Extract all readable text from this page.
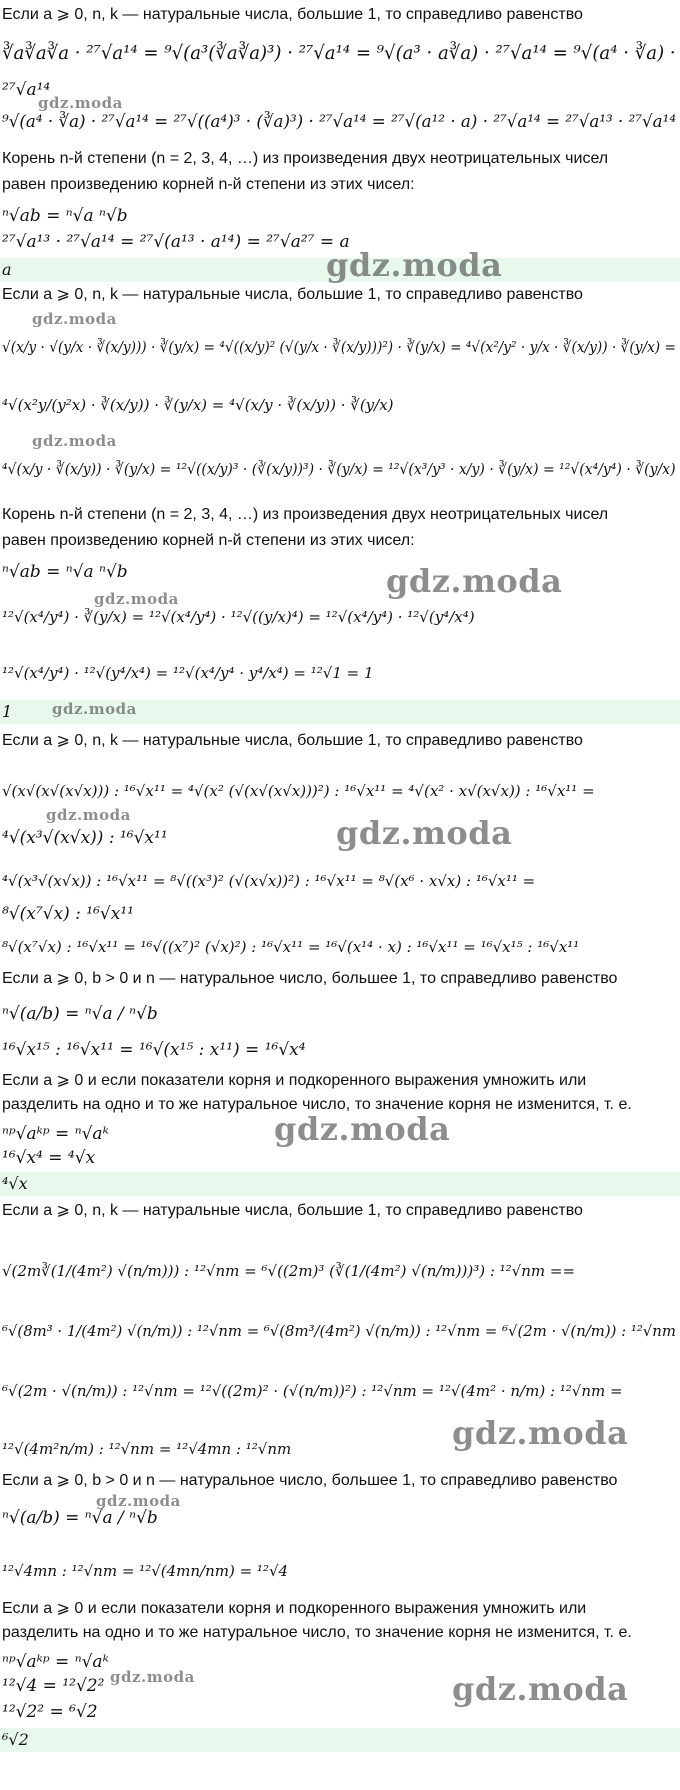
Если a ⩾ 0, n, k — натуральные числа, большие 1, то справедливо равенство
∛a∛a∛a · ²⁷√a¹⁴ = ⁹√(a³(∛a∛a)³) · ²⁷√a¹⁴ = ⁹√(a³ · a∛a) · ²⁷√a¹⁴ = ⁹√(a⁴ · ∛a) ·
²⁷√a¹⁴
⁹√(a⁴ · ∛a) · ²⁷√a¹⁴ = ²⁷√((a⁴)³ · (∛a)³) · ²⁷√a¹⁴ = ²⁷√(a¹² · a) · ²⁷√a¹⁴ = ²⁷√a¹³ · ²⁷√a¹⁴
Корень n-й степени (n = 2, 3, 4, …) из произведения двух неотрицательных чисел
равен произведению корней n-й степени из этих чисел:
ⁿ√ab = ⁿ√a ⁿ√b
²⁷√a¹³ · ²⁷√a¹⁴ = ²⁷√(a¹³ · a¹⁴) = ²⁷√a²⁷ = a
a
gdz.moda
gdz.moda
Если a ⩾ 0, n, k — натуральные числа, большие 1, то справедливо равенство
√(x/y · √(y/x · ∛(x/y))) · ∛(y/x) = ⁴√((x/y)² (√(y/x · ∛(x/y)))²) · ∛(y/x) = ⁴√(x²/y² · y/x · ∛(x/y)) · ∛(y/x) =
⁴√(x²y/(y²x) · ∛(x/y)) · ∛(y/x) = ⁴√(x/y · ∛(x/y)) · ∛(y/x)
⁴√(x/y · ∛(x/y)) · ∛(y/x) = ¹²√((x/y)³ · (∛(x/y))³) · ∛(y/x) = ¹²√(x³/y³ · x/y) · ∛(y/x) = ¹²√(x⁴/y⁴) · ∛(y/x)
Корень n-й степени (n = 2, 3, 4, …) из произведения двух неотрицательных чисел
равен произведению корней n-й степени из этих чисел:
ⁿ√ab = ⁿ√a ⁿ√b
¹²√(x⁴/y⁴) · ∛(y/x) = ¹²√(x⁴/y⁴) · ¹²√((y/x)⁴) = ¹²√(x⁴/y⁴) · ¹²√(y⁴/x⁴)
¹²√(x⁴/y⁴) · ¹²√(y⁴/x⁴) = ¹²√(x⁴/y⁴ · y⁴/x⁴) = ¹²√1 = 1
1
gdz.moda
gdz.moda
gdz.moda	gdz.moda
gdz.moda
Если a ⩾ 0, n, k — натуральные числа, большие 1, то справедливо равенство
√(x√(x√(x√x))) : ¹⁶√x¹¹ = ⁴√(x² (√(x√(x√x)))²) : ¹⁶√x¹¹ = ⁴√(x² · x√(x√x)) : ¹⁶√x¹¹ =
⁴√(x³√(x√x)) : ¹⁶√x¹¹
⁴√(x³√(x√x)) : ¹⁶√x¹¹ = ⁸√((x³)² (√(x√x))²) : ¹⁶√x¹¹ = ⁸√(x⁶ · x√x) : ¹⁶√x¹¹ =
⁸√(x⁷√x) : ¹⁶√x¹¹
⁸√(x⁷√x) : ¹⁶√x¹¹ = ¹⁶√((x⁷)² (√x)²) : ¹⁶√x¹¹ = ¹⁶√(x¹⁴ · x) : ¹⁶√x¹¹ = ¹⁶√x¹⁵ : ¹⁶√x¹¹
Если a ⩾ 0, b > 0 и n — натуральное число, большее 1, то справедливо равенство
ⁿ√(a/b) = ⁿ√a / ⁿ√b
¹⁶√x¹⁵ : ¹⁶√x¹¹ = ¹⁶√(x¹⁵ : x¹¹) = ¹⁶√x⁴
Если a ⩾ 0 и если показатели корня и подкоренного выражения умножить или
разделить на одно и то же натуральное число, то значение корня не изменится, т. е.
ⁿᵖ√aᵏᵖ = ⁿ√aᵏ
¹⁶√x⁴ = ⁴√x
⁴√x
gdz.moda	gdz.moda
gdz.moda
Если a ⩾ 0, n, k — натуральные числа, большие 1, то справедливо равенство
√(2m∛(1/(4m²) √(n/m))) : ¹²√nm = ⁶√((2m)³ (∛(1/(4m²) √(n/m)))³) : ¹²√nm ==
⁶√(8m³ · 1/(4m²) √(n/m)) : ¹²√nm = ⁶√(8m³/(4m²) √(n/m)) : ¹²√nm = ⁶√(2m · √(n/m)) : ¹²√nm
⁶√(2m · √(n/m)) : ¹²√nm = ¹²√((2m)² · (√(n/m))²) : ¹²√nm = ¹²√(4m² · n/m) : ¹²√nm =
¹²√(4m²n/m) : ¹²√nm = ¹²√4mn : ¹²√nm
Если a ⩾ 0, b > 0 и n — натуральное число, большее 1, то справедливо равенство
ⁿ√(a/b) = ⁿ√a / ⁿ√b
¹²√4mn : ¹²√nm = ¹²√(4mn/nm) = ¹²√4
Если a ⩾ 0 и если показатели корня и подкоренного выражения умножить или
разделить на одно и то же натуральное число, то значение корня не изменится, т. е.
ⁿᵖ√aᵏᵖ = ⁿ√aᵏ
¹²√4 = ¹²√2²
¹²√2² = ⁶√2
⁶√2
gdz.moda
gdz.moda
gdz.moda	gdz.moda
